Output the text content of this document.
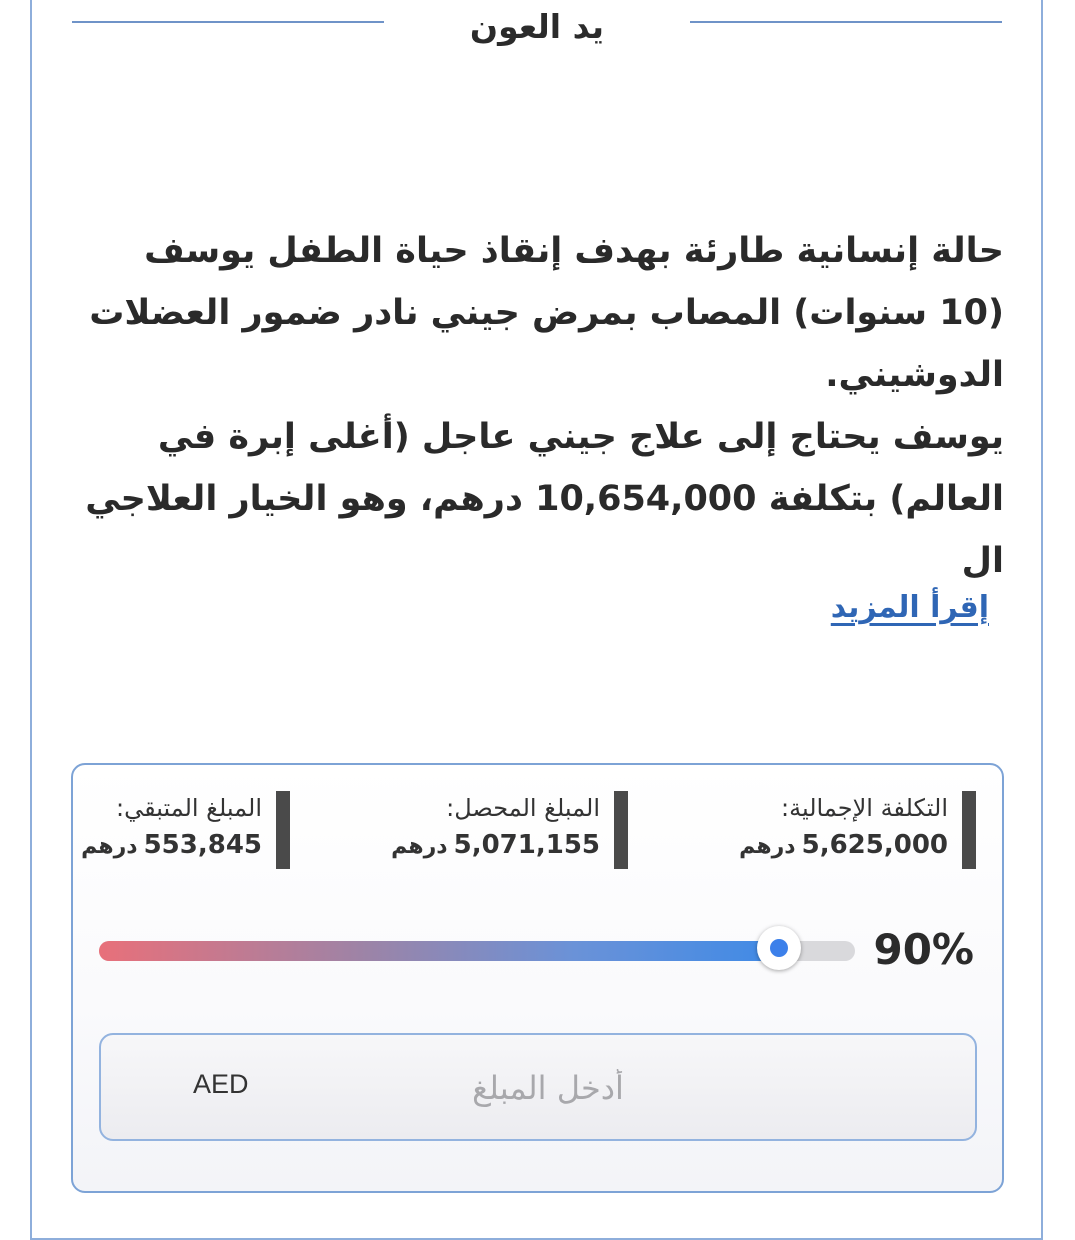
يد العون

حالة إنسانية طارئة بهدف إنقاذ حياة الطفل يوسف (10 سنوات) المصاب بمرض جيني نادر ضمور العضلات الدوشيني.

يوسف يحتاج إلى علاج جيني عاجل (أغلى إبرة في العالم) بتكلفة 10,654,000 درهم، وهو الخيار العلاجي ال

إقرأ المزيد
التكلفة الإجمالية:
5,625,000درهم
المبلغ المحصل:
5,071,155درهم
المبلغ المتبقي:
553,845درهم
90%
أدخل المبلغ
AED
